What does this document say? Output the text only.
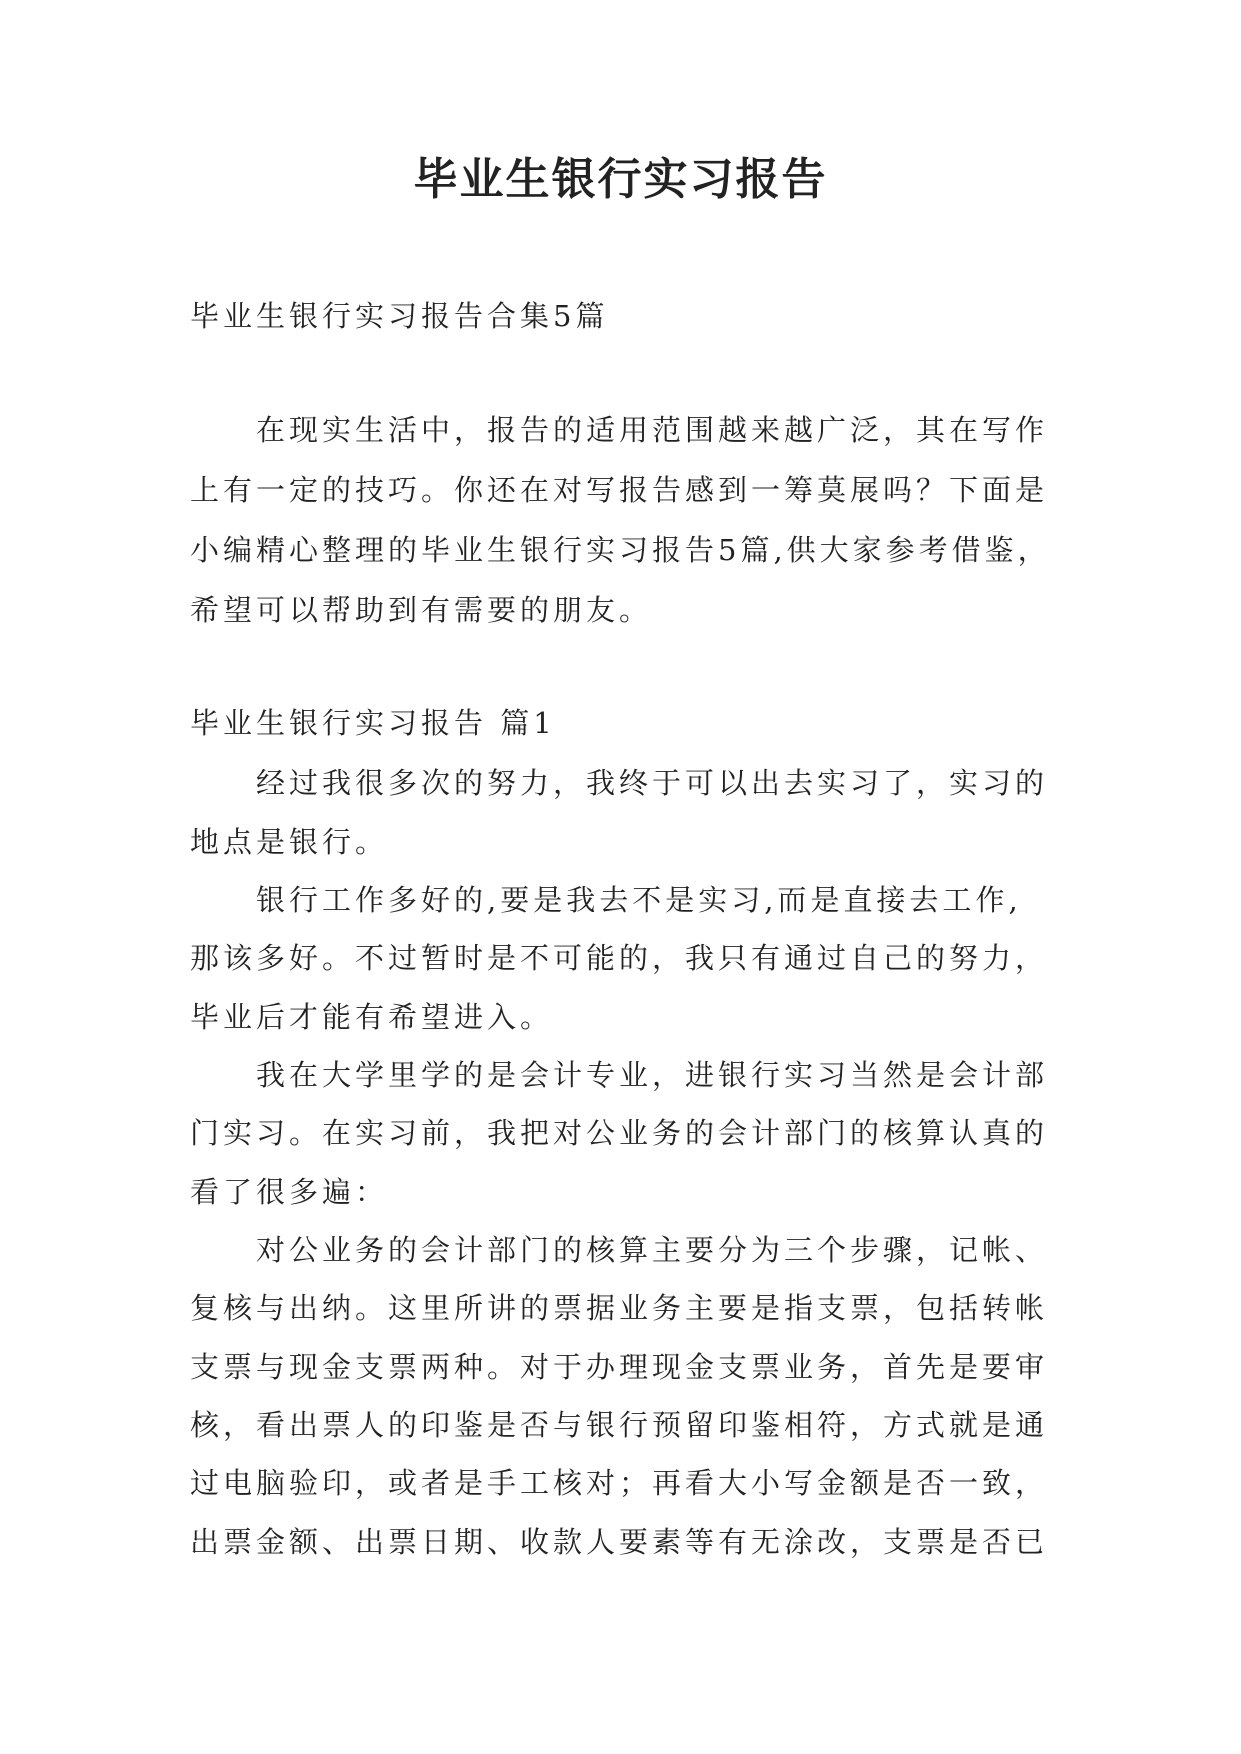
毕业生银行实习报告

毕业生银行实习报告合集5篇

在现实生活中，报告的适用范围越来越广泛，其在写作

上有一定的技巧。你还在对写报告感到一筹莫展吗？下面是

小编精心整理的毕业生银行实习报告5篇,供大家参考借鉴，

希望可以帮助到有需要的朋友。

毕业生银行实习报告 篇1

经过我很多次的努力，我终于可以出去实习了，实习的

地点是银行。

银行工作多好的,要是我去不是实习,而是直接去工作,

那该多好。不过暂时是不可能的，我只有通过自己的努力，

毕业后才能有希望进入。

我在大学里学的是会计专业，进银行实习当然是会计部

门实习。在实习前，我把对公业务的会计部门的核算认真的

看了很多遍：

对公业务的会计部门的核算主要分为三个步骤，记帐、

复核与出纳。这里所讲的票据业务主要是指支票，包括转帐

支票与现金支票两种。对于办理现金支票业务，首先是要审

核，看出票人的印鉴是否与银行预留印鉴相符，方式就是通

过电脑验印，或者是手工核对；再看大小写金额是否一致，

出票金额、出票日期、收款人要素等有无涂改，支票是否已
